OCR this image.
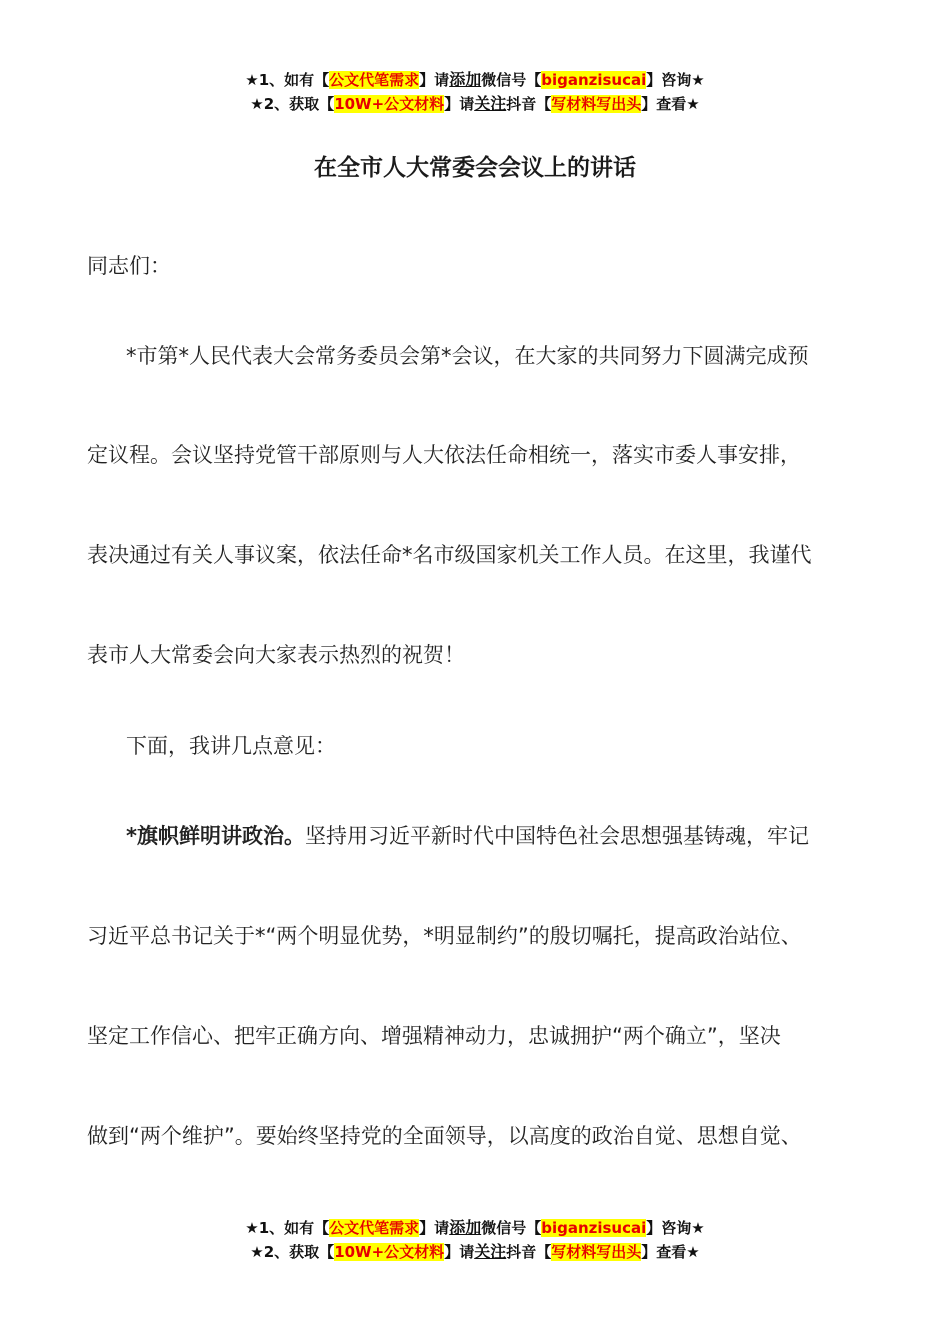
★1、如有【公文代笔需求】请添加微信号【biganzisucai】咨询★
★2、获取【10W+公文材料】请关注抖音【写材料写出头】查看★
在全市人大常委会会议上的讲话
同志们：
*市第*人民代表大会常务委员会第*会议，在大家的共同努力下圆满完成预
定议程。会议坚持党管干部原则与人大依法任命相统一，落实市委人事安排，
表决通过有关人事议案，依法任命*名市级国家机关工作人员。在这里，我谨代
表市人大常委会向大家表示热烈的祝贺！
下面，我讲几点意见：
*旗帜鲜明讲政治。坚持用习近平新时代中国特色社会思想强基铸魂，牢记
习近平总书记关于*“两个明显优势，*明显制约”的殷切嘱托，提高政治站位、
坚定工作信心、把牢正确方向、增强精神动力，忠诚拥护“两个确立”，坚决
做到“两个维护”。要始终坚持党的全面领导，以高度的政治自觉、思想自觉、
★1、如有【公文代笔需求】请添加微信号【biganzisucai】咨询★
★2、获取【10W+公文材料】请关注抖音【写材料写出头】查看★
